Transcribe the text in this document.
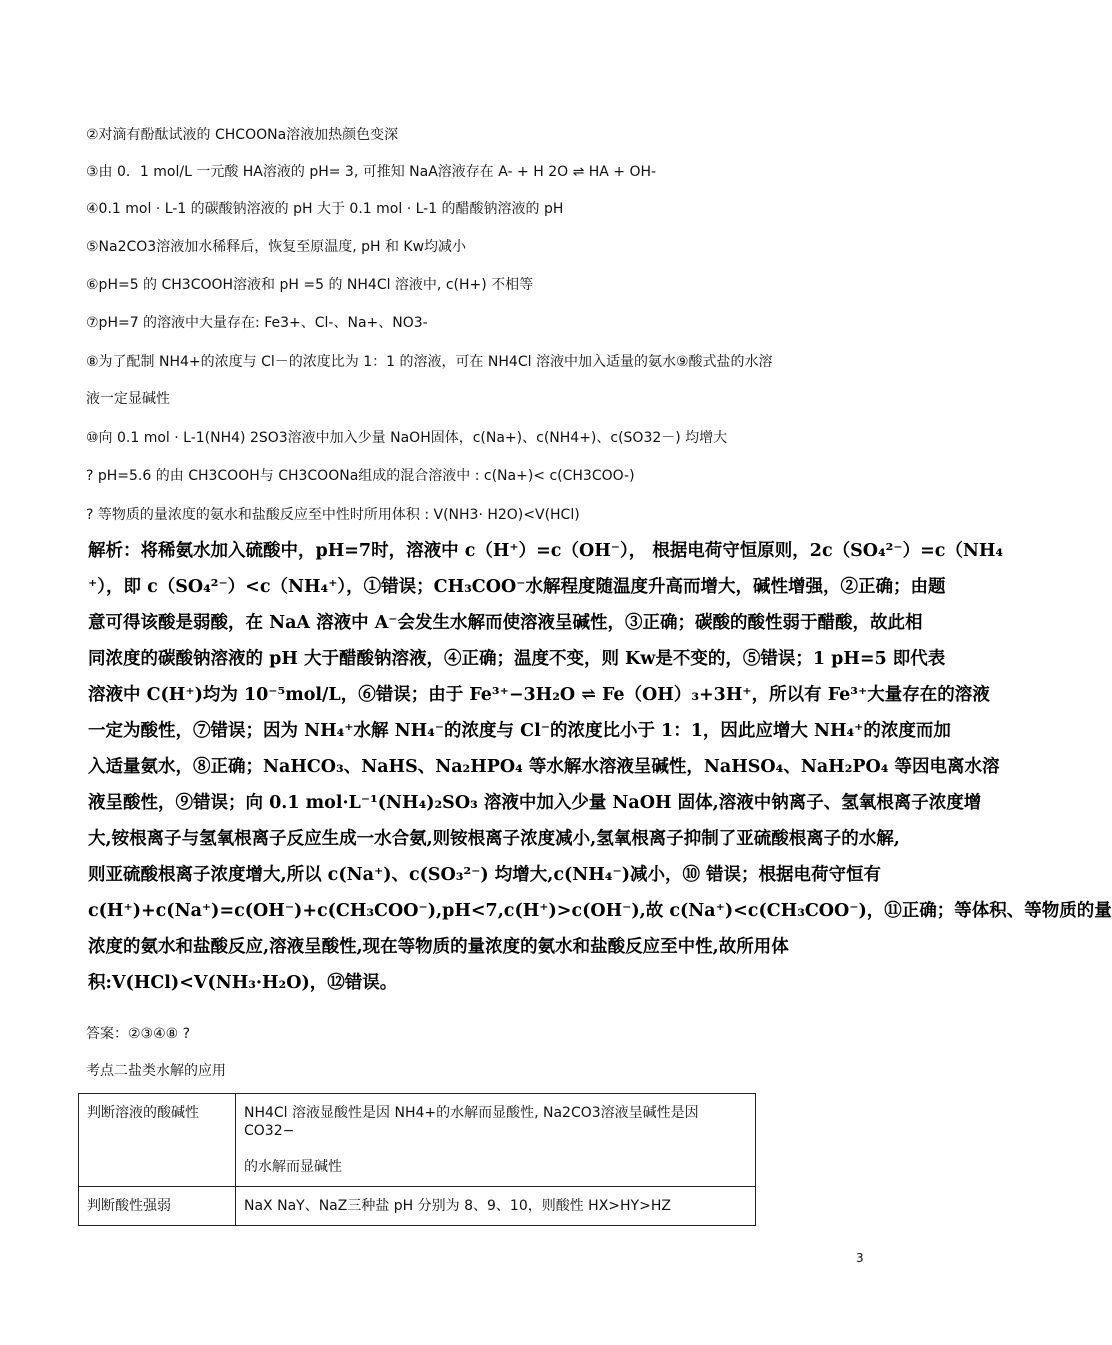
②对滴有酚酞试液的 CHCOONa溶液加热颜色变深
③由 0．1 mol/L 一元酸 HA溶液的 pH= 3, 可推知 NaA溶液存在 A- + H 2O ⇌ HA + OH-
④0.1 mol · L-1 的碳酸钠溶液的 pH 大于 0.1 mol · L-1 的醋酸钠溶液的 pH
⑤Na2CO3溶液加水稀释后，恢复至原温度, pH 和 Kw均减小
⑥pH=5 的 CH3COOH溶液和 pH =5 的 NH4Cl 溶液中, c(H+) 不相等
⑦pH=7 的溶液中大量存在: Fe3+、Cl-、Na+、NO3-
⑧为了配制 NH4+的浓度与 Cl－的浓度比为 1：1 的溶液，可在 NH4Cl 溶液中加入适量的氨水⑨酸式盐的水溶
液一定显碱性
⑩向 0.1 mol · L-1(NH4) 2SO3溶液中加入少量 NaOH固体，c(Na+)、c(NH4+)、c(SO32－) 均增大
? pH=5.6 的由 CH3COOH与 CH3COONa组成的混合溶液中 : c(Na+)< c(CH3COO-)
? 等物质的量浓度的氨水和盐酸反应至中性时所用体积 : V(NH3· H2O)<V(HCl)
解析：将稀氨水加入硫酸中，pH=7时，溶液中 c（H⁺）=c（OH⁻）， 根据电荷守恒原则，2c（SO₄²⁻）=c（NH₄
⁺），即 c（SO₄²⁻）<c（NH₄⁺），①错误；CH₃COO⁻水解程度随温度升高而增大，碱性增强，②正确；由题
意可得该酸是弱酸，在 NaA 溶液中 A⁻会发生水解而使溶液呈碱性，③正确；碳酸的酸性弱于醋酸，故此相
同浓度的碳酸钠溶液的 pH 大于醋酸钠溶液，④正确；温度不变，则 Kw是不变的，⑤错误；1 pH=5 即代表
溶液中 C(H⁺)均为 10⁻⁵mol/L，⑥错误；由于 Fe³⁺−3H₂O ⇌ Fe（OH）₃+3H⁺，所以有 Fe³⁺大量存在的溶液
一定为酸性，⑦错误；因为 NH₄⁺水解 NH₄⁻的浓度与 Cl⁻的浓度比小于 1：1，因此应增大 NH₄⁺的浓度而加
入适量氨水，⑧正确；NaHCO₃、NaHS、Na₂HPO₄ 等水解水溶液呈碱性，NaHSO₄、NaH₂PO₄ 等因电离水溶
液呈酸性，⑨错误；向 0.1 mol·L⁻¹(NH₄)₂SO₃ 溶液中加入少量 NaOH 固体,溶液中钠离子、氢氧根离子浓度增
大,铵根离子与氢氧根离子反应生成一水合氨,则铵根离子浓度减小,氢氧根离子抑制了亚硫酸根离子的水解,
则亚硫酸根离子浓度增大,所以 c(Na⁺)、c(SO₃²⁻) 均增大,c(NH₄⁻)减小，⑩ 错误；根据电荷守恒有
c(H⁺)+c(Na⁺)=c(OH⁻)+c(CH₃COO⁻),pH<7,c(H⁺)>c(OH⁻),故 c(Na⁺)<c(CH₃COO⁻)，⑪正确；等体积、等物质的量
浓度的氨水和盐酸反应,溶液呈酸性,现在等物质的量浓度的氨水和盐酸反应至中性,故所用体
积:V(HCl)<V(NH₃·H₂O)，⑫错误。
答案：②③④⑧ ?
考点二盐类水解的应用
判断溶液的酸碱性	NH4Cl 溶液显酸性是因 NH4+的水解而显酸性, Na2CO3溶液呈碱性是因 CO32−
的水解而显碱性

判断酸性强弱	NaX NaY、NaZ三种盐 pH 分别为 8、9、10，则酸性 HX>HY>HZ
3
